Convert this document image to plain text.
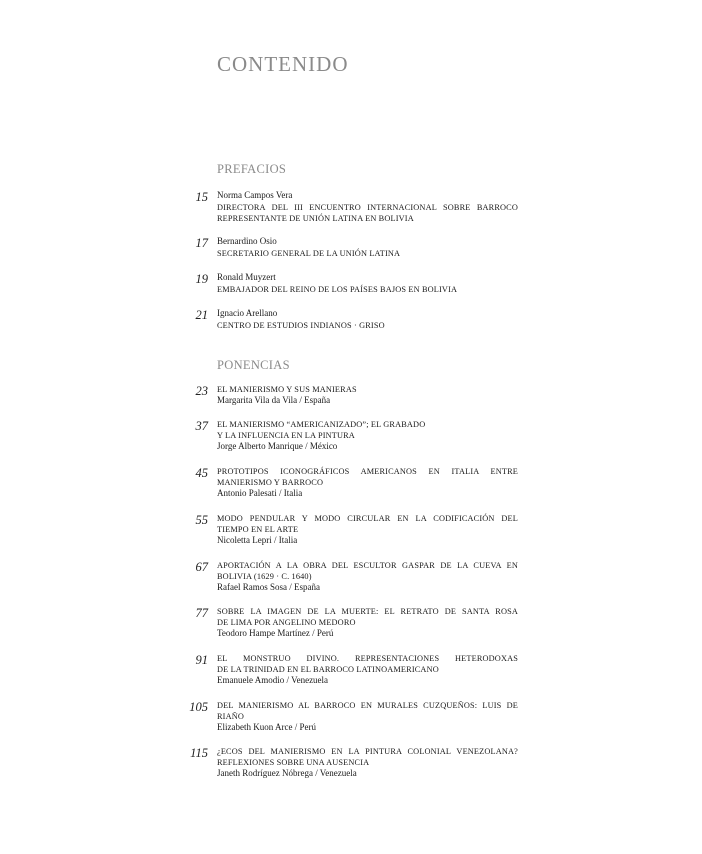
CONTENIDO
PREFACIOS
15 Norma Campos Vera
DIRECTORA DEL III ENCUENTRO INTERNACIONAL SOBRE BARROCO
REPRESENTANTE DE UNIÓN LATINA EN BOLIVIA
17 Bernardino Osio
SECRETARIO GENERAL DE LA UNIÓN LATINA
19 Ronald Muyzert
EMBAJADOR DEL REINO DE LOS PAÍSES BAJOS EN BOLIVIA
21 Ignacio Arellano
CENTRO DE ESTUDIOS INDIANOS · GRISO
PONENCIAS
23 EL MANIERISMO Y SUS MANIERAS
Margarita Vila da Vila / España
37 EL MANIERISMO “AMERICANIZADO”; EL GRABADO
Y LA INFLUENCIA EN LA PINTURA
Jorge Alberto Manrique / México
45 PROTOTIPOS ICONOGRÁFICOS AMERICANOS EN ITALIA ENTRE
MANIERISMO Y BARROCO
Antonio Palesati / Italia
55 MODO PENDULAR Y MODO CIRCULAR EN LA CODIFICACIÓN DEL
TIEMPO EN EL ARTE
Nicoletta Lepri / Italia
67 APORTACIÓN A LA OBRA DEL ESCULTOR GASPAR DE LA CUEVA EN
BOLIVIA (1629 · C. 1640)
Rafael Ramos Sosa / España
77 SOBRE LA IMAGEN DE LA MUERTE: EL RETRATO DE SANTA ROSA
DE LIMA POR ANGELINO MEDORO
Teodoro Hampe Martínez / Perú
91 EL MONSTRUO DIVINO. REPRESENTACIONES HETERODOXAS
DE LA TRINIDAD EN EL BARROCO LATINOAMERICANO
Emanuele Amodio / Venezuela
105 DEL MANIERISMO AL BARROCO EN MURALES CUZQUEÑOS: LUIS DE
RIAÑO
Elizabeth Kuon Arce / Perú
115 ¿ECOS DEL MANIERISMO EN LA PINTURA COLONIAL VENEZOLANA?
REFLEXIONES SOBRE UNA AUSENCIA
Janeth Rodríguez Nóbrega / Venezuela
